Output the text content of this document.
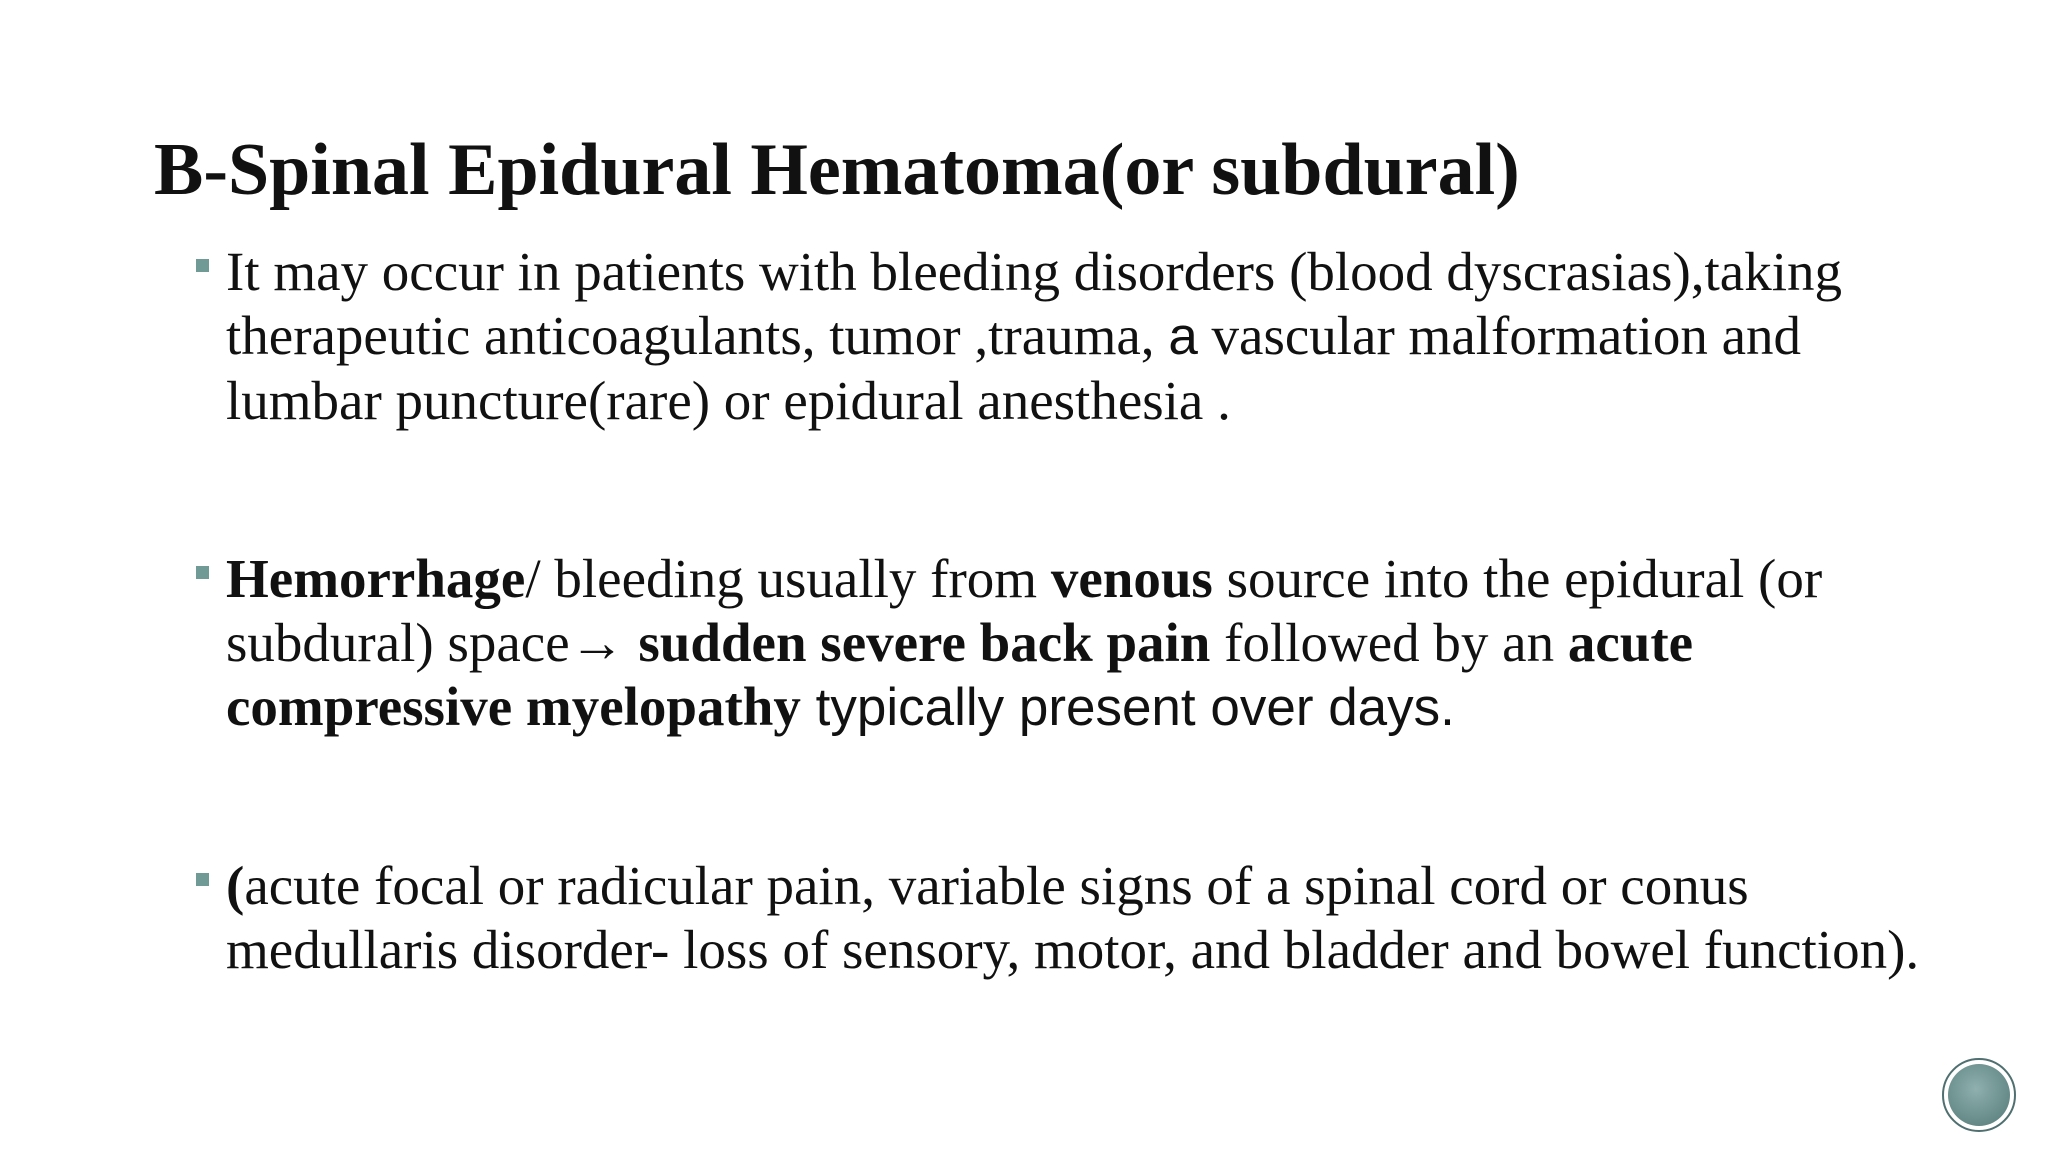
B-Spinal Epidural Hematoma(or subdural)
It may occur in patients with bleeding disorders (blood dyscrasias),taking therapeutic anticoagulants, tumor ,trauma, a vascular malformation and lumbar puncture(rare) or epidural anesthesia .
Hemorrhage/ bleeding usually from venous source into the epidural (or subdural) space→ sudden severe back pain followed by an acute compressive myelopathy typically present over days.
(acute focal or radicular pain, variable signs of a spinal cord or conus medullaris disorder- loss of sensory, motor, and bladder and bowel function).
